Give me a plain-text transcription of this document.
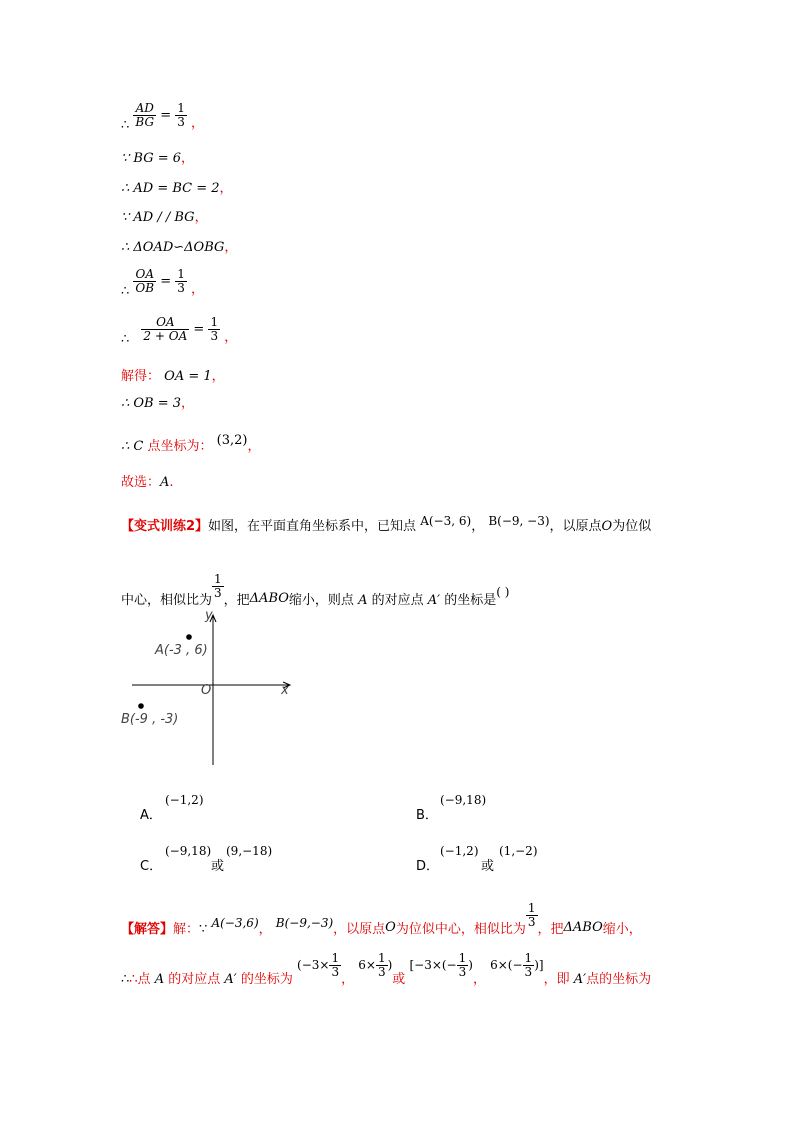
∴ $\frac{AD}{BG} = \frac{1}{3}$ ，
∵ BG = 6，
∴ AD = BC = 2，
∵ AD / / BG，
∴ ΔOAD∽ΔOBG，
∴ $\frac{OA}{OB} = \frac{1}{3}$ ，
∴ $\frac{OA}{2 + OA} = \frac{1}{3}$ ，
解得： OA = 1，
∴ OB = 3，
∴ C 点坐标为： (3,2)，
故选：A.
【变式训练2】如图，在平面直角坐标系中，已知点 A(−3, 6)， B(−9, −3)，以原点O为位似
中心，相似比为
$\frac{1}{3}$
，把ΔABO缩小，则点 A 的对应点 A′ 的坐标是( )
y
x
O
A(-3 , 6)
B(-9 , -3)
A．
(−1,2)
B．
(−9,18)
C．
(−9,18)
或
(9,−18)
D．
(−1,2)
或
(1,−2)
【解答】解：∵ A(−3,6)， B(−9,−3)，以原点O为位似中心，相似比为
$\frac{1}{3}$
，把ΔABO缩小，
∴∴点 A 的对应点 A′ 的坐标为 ($-3\times \frac{1}{3}$
， $6\times \frac{1}{3}$ )或 [$-3\times(- \frac{1}{3}$ )， $6\times(- \frac{1}{3}$ )]，即 A′点的坐标为
